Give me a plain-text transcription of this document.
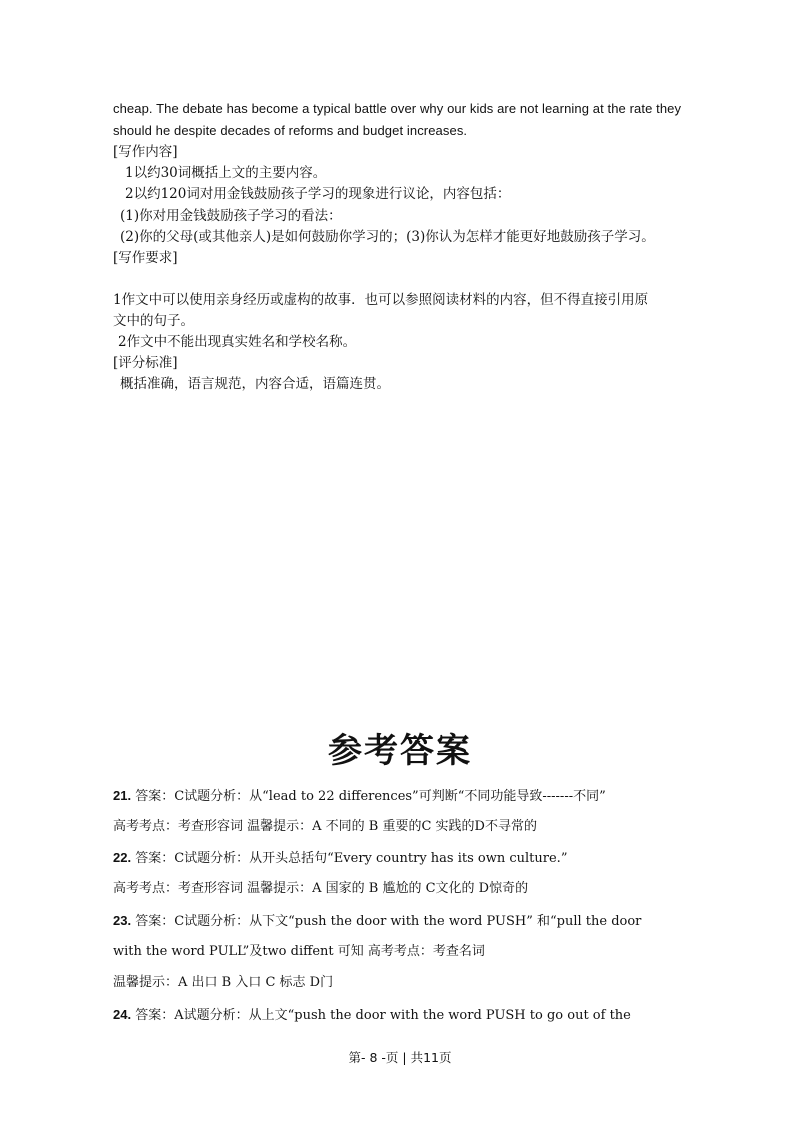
cheap. The debate has become a typical battle over why our kids are not learning at the rate they
should he despite decades of reforms and budget increases.
[写作内容]
1以约30词概括上文的主要内容。
2以约120词对用金钱鼓励孩子学习的现象进行议论，内容包括：
(1)你对用金钱鼓励孩子学习的看法：
(2)你的父母(或其他亲人)是如何鼓励你学习的；(3)你认为怎样才能更好地鼓励孩子学习。
[写作要求]
1作文中可以使用亲身经历或虚构的故事．也可以参照阅读材料的内容，但不得直接引用原
文中的句子。
2作文中不能出现真实姓名和学校名称。
[评分标准]
概括准确，语言规范，内容合适，语篇连贯。
参考答案
21. 答案：C试题分析：从“lead to 22 differences”可判断“不同功能导致-------不同”
高考考点：考查形容词 温馨提示：A 不同的 B 重要的C 实践的D不寻常的
22. 答案：C试题分析：从开头总括句“Every country has its own culture.”
高考考点：考查形容词 温馨提示：A 国家的 B 尴尬的 C文化的 D惊奇的
23. 答案：C试题分析：从下文“push the door with the word PUSH” 和“pull the door
with the word PULL”及two diffent 可知 高考考点：考查名词
温馨提示：A 出口 B 入口 C 标志 D门
24. 答案：A试题分析：从上文“push the door with the word PUSH to go out of the
第- 8 -页 | 共11页
